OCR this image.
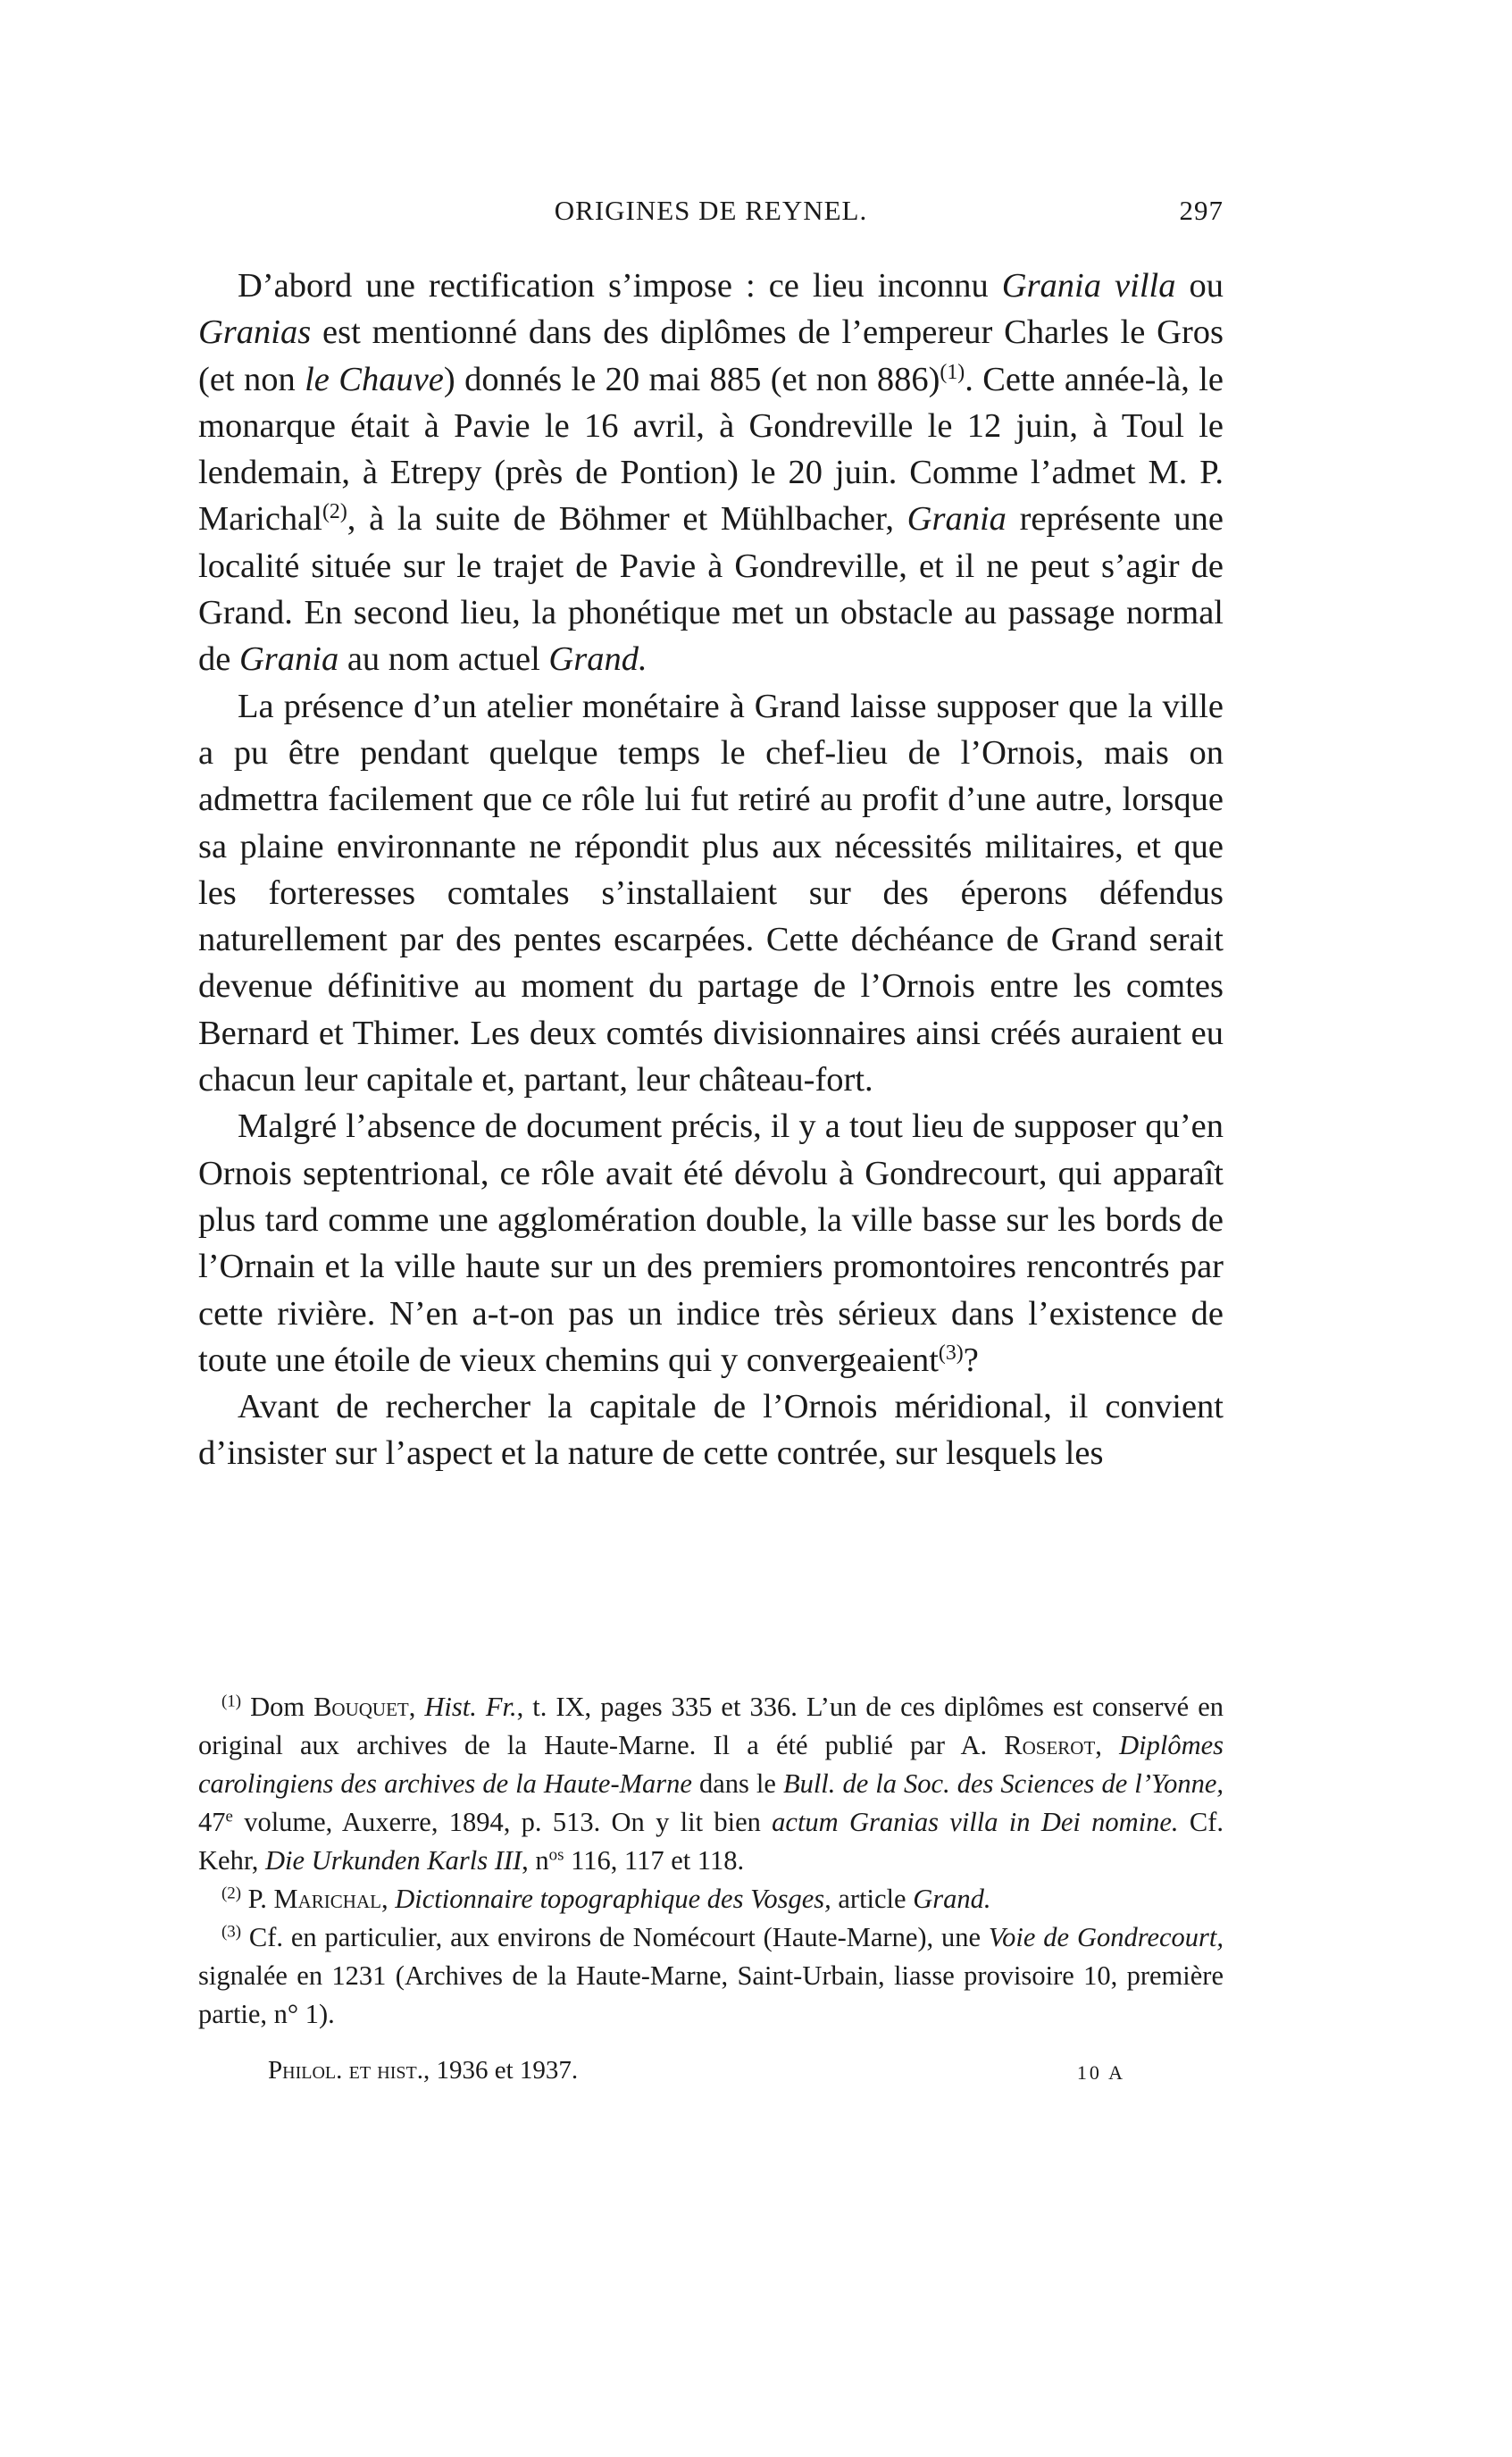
ORIGINES DE REYNEL.	297

D’abord une rectification s’impose : ce lieu inconnu Grania villa ou Granias est mentionné dans des diplômes de l’empereur Charles le Gros (et non le Chauve) donnés le 20 mai 885 (et non 886)$^{(1)}$. Cette année-là, le monarque était à Pavie le 16 avril, à Gondreville le 12 juin, à Toul le lendemain, à Etrepy (près de Pontion) le 20 juin. Comme l’admet M. P. Marichal$^{(2)}$, à la suite de Böhmer et Mühlbacher, Grania représente une localité située sur le trajet de Pavie à Gondreville, et il ne peut s’agir de Grand. En second lieu, la phonétique met un obstacle au passage normal de Grania au nom actuel Grand.

La présence d’un atelier monétaire à Grand laisse supposer que la ville a pu être pendant quelque temps le chef-lieu de l’Ornois, mais on admettra facilement que ce rôle lui fut retiré au profit d’une autre, lorsque sa plaine environnante ne répondit plus aux nécessités militaires, et que les forteresses comtales s’installaient sur des éperons défendus naturellement par des pentes escarpées. Cette déchéance de Grand serait devenue définitive au moment du partage de l’Ornois entre les comtes Bernard et Thimer. Les deux comtés divisionnaires ainsi créés auraient eu chacun leur capitale et, partant, leur château-fort.

Malgré l’absence de document précis, il y a tout lieu de supposer qu’en Ornois septentrional, ce rôle avait été dévolu à Gondrecourt, qui apparaît plus tard comme une agglomération double, la ville basse sur les bords de l’Ornain et la ville haute sur un des premiers promontoires rencontrés par cette rivière. N’en a-t-on pas un indice très sérieux dans l’existence de toute une étoile de vieux chemins qui y convergeaient$^{(3)}$?

Avant de rechercher la capitale de l’Ornois méridional, il convient d’insister sur l’aspect et la nature de cette contrée, sur lesquels les

$^{(1)}$ Dom Bouquet, Hist. Fr., t. IX, pages 335 et 336. L’un de ces diplômes est conservé en original aux archives de la Haute-Marne. Il a été publié par A. Roserot, Diplômes carolingiens des archives de la Haute-Marne dans le Bull. de la Soc. des Sciences de l’Yonne, 47e volume, Auxerre, 1894, p. 513. On y lit bien actum Granias villa in Dei nomine. Cf. Kehr, Die Urkunden Karls III, $n^{os}$ 116, 117 et 118.

$^{(2)}$ P. Marichal, Dictionnaire topographique des Vosges, article Grand.

$^{(3)}$ Cf. en particulier, aux environs de Nomécourt (Haute-Marne), une Voie de Gondrecourt, signalée en 1231 (Archives de la Haute-Marne, Saint-Urbain, liasse provisoire 10, première partie, n° 1).

Philol. et hist., 1936 et 1937.	10 A
